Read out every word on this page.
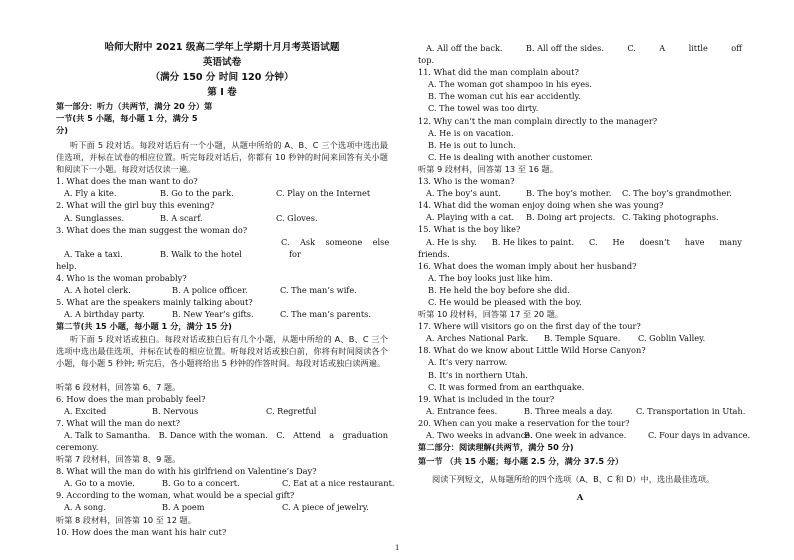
哈师大附中 2021 级高二学年上学期十月月考英语试题
英语试卷
（满分 150 分 时间 120 分钟）
第 I 卷
第一部分：听力（共两节，满分 20 分）第
一节(共 5 小题，每小题 1 分，满分 5
分)
听下面 5 段对话。每段对话后有一个小题，从题中所给的 A、B、C 三个选项中选出最佳选项，并标在试卷的相应位置。听完每段对话后，你都有 10 秒钟的时间来回答有关小题和阅读下一小题。每段对话仅读一遍。
1. What does the man want to do?
A. Fly a kite.	B. Go to the park.	C. Play on the Internet
2. What will the girl buy this evening?
A. Sunglasses.	B. A scarf.	C. Gloves.
3. What does the man suggest the woman do?
C.    Ask    someone    else
A. Take a taxi.	B. Walk to the hotel	for
help.
4. Who is the woman probably?
A. A hotel clerk.	B. A police officer.	C. The man’s wife.
5. What are the speakers mainly talking about?
A. A birthday party.	B. New Year’s gifts.	C. The man’s parents.
第二节(共 15 小题，每小题 1 分，满分 15 分)
听下面 5 段对话或独白。每段对话或独白后有几个小题，从题中所给的 A、B、C 三个选项中选出最佳选项，并标在试卷的相应位置。听每段对话或独白前，你将有时间阅读各个小题，每小题 5 秒钟; 听完后，各小题将给出 5 秒钟的作答时间。每段对话或独白读两遍。
听第 6 段材料，回答第 6、7 题。
6. How does the man probably feel?
A. Excited	B. Nervous	C. Regretful
7. What will the man do next?
A. Talk to Samantha. B. Dance with the woman. C. Attend a graduation
ceremony.
听第 7 段材料，回答第 8、9 题。
8. What will the man do with his girlfriend on Valentine’s Day?
A. Go to a movie.	B. Go to a concert.	C. Eat at a nice restaurant.
9. According to the woman, what would be a special gift?
A. A song.	B. A poem	C. A piece of jewelry.
听第 8 段材料，回答第 10 至 12 题。
10. How does the man want his hair cut?
A. All off the back.	B. All off the sides.	C.	A	little	off
top.
11. What did the man complain about?
A. The woman got shampoo in his eyes.
B. The woman cut his ear accidently.
C. The towel was too dirty.
12. Why can’t the man complain directly to the manager?
A. He is on vacation.
B. He is out to lunch.
C. He is dealing with another customer.
听第 9 段材料，回答第 13 至 16 题。
13. Who is the woman?
A. The boy’s aunt.	B. The boy’s mother.	C. The boy’s grandmother.
14. What did the woman enjoy doing when she was young?
A. Playing with a cat.	B. Doing art projects. C. Taking photographs.
15. What is the boy like?
A. He is shy. B. He likes to paint. C. He doesn’t have many
friends.
16. What does the woman imply about her husband?
A. The boy looks just like him.
B. He held the boy before she did.
C. He would be pleased with the boy.
听第 10 段材料，回答第 17 至 20 题。
17. Where will visitors go on the first day of the tour?
A. Arches National Park.	B. Temple Square.	C. Goblin Valley.
18. What do we know about Little Wild Horse Canyon?
A. It’s very narrow.
B. It’s in northern Utah.
C. It was formed from an earthquake.
19. What is included in the tour?
A. Entrance fees.	B. Three meals a day.	C. Transportation in Utah.
20. When can you make a reservation for the tour?
A. Two weeks in advance.
B. One week in advance.	C. Four days in advance.
第二部分：阅读理解(共两节，满分 50 分)
第一节 （共 15 小题；每小题 2.5 分，满分 37.5 分）
阅读下列短文，从每题所给的四个选项（A、B、C 和 D）中，选出最佳选项。
A
1
